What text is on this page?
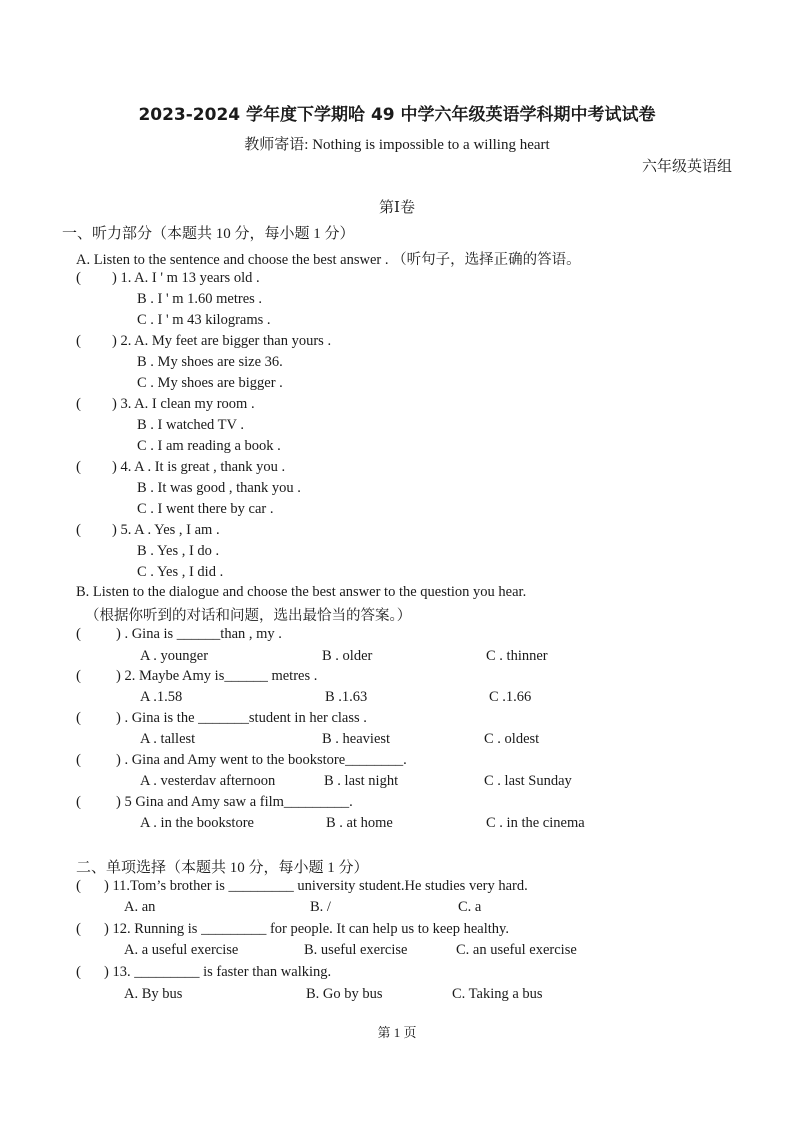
2023-2024 学年度下学期哈 49 中学六年级英语学科期中考试试卷
教师寄语: Nothing is impossible to a willing heart
六年级英语组
第Ⅰ卷
一、听力部分（本题共 10 分，每小题 1 分）
A. Listen to the sentence and choose the best answer . （听句子，选择正确的答语。
( ) 1. A. I ' m 13 years old .
B . I ' m 1.60 metres .
C . I ' m 43 kilograms .
( ) 2. A. My feet are bigger than yours .
B . My shoes are size 36.
C . My shoes are bigger .
( ) 3. A. I clean my room .
B . I watched TV .
C . I am reading a book .
( ) 4. A . It is great , thank you .
B . It was good , thank you .
C . I went there by car .
( ) 5. A . Yes , I am .
B . Yes , I do .
C . Yes , I did .
B. Listen to the dialogue and choose the best answer to the question you hear.
（根据你听到的对话和问题，选出最恰当的答案。）
( ) . Gina is ______than , my .
A . younger	B . older	C . thinner
( ) 2. Maybe Amy is______ metres .
A .1.58	B .1.63	C .1.66
( ) . Gina is the _______student in her class .
A . tallest	B . heaviest	C . oldest
( ) . Gina and Amy went to the bookstore________.
A . vesterdav afternoon	B . last night	C . last Sunday
( ) 5 Gina and Amy saw a film_________.
A . in the bookstore	B . at home	C . in the cinema
二、单项选择（本题共 10 分，每小题 1 分）
( ) 11.Tom’s brother is _________ university student.He studies very hard.
A. an	B. /	C. a
( ) 12. Running is _________ for people. It can help us to keep healthy.
A. a useful exercise	B. useful exercise	C. an useful exercise
( ) 13. _________ is faster than walking.
A. By bus	B. Go by bus	C. Taking a bus
第 1 页
